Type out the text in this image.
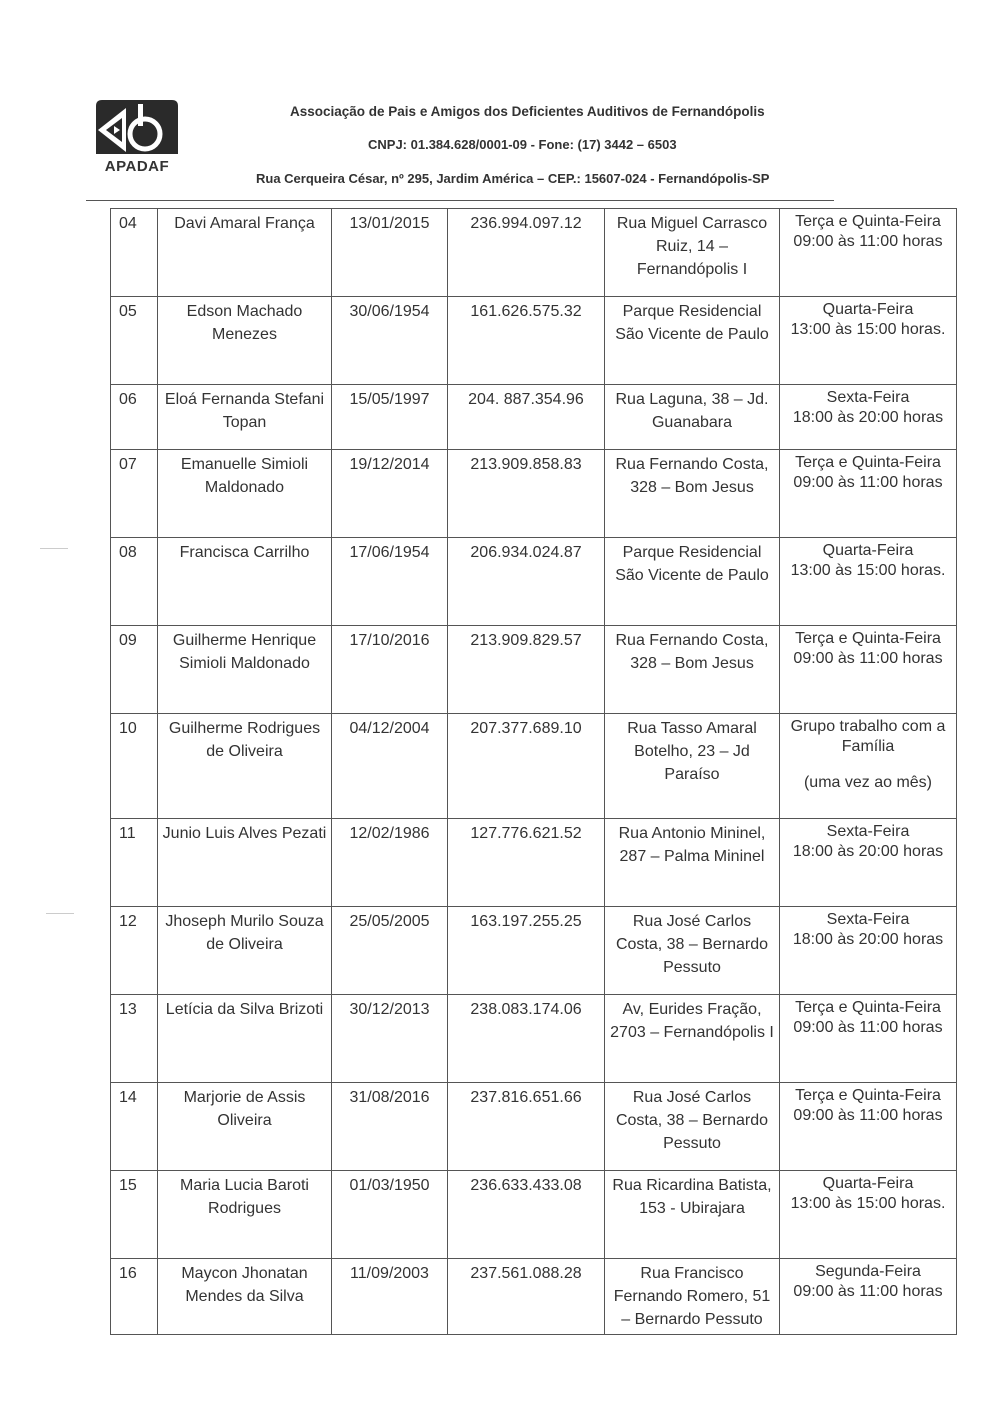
APADAF
Associação de Pais e Amigos dos Deficientes Auditivos de Fernandópolis
CNPJ: 01.384.628/0001-09 - Fone: (17) 3442 – 6503
Rua Cerqueira César, nº 295, Jardim América – CEP.: 15607-024 - Fernandópolis-SP
04	Davi Amaral França	13/01/2015	236.994.097.12	Rua Miguel Carrasco Ruiz, 14 – Fernandópolis I	Terça e Quinta-Feira
09:00 às 11:00 horas

05	Edson Machado Menezes	30/06/1954	161.626.575.32	Parque Residencial São Vicente de Paulo	Quarta-Feira
13:00 às 15:00 horas.

06	Eloá Fernanda Stefani Topan	15/05/1997	204. 887.354.96	Rua Laguna, 38 – Jd. Guanabara	Sexta-Feira
18:00 às 20:00 horas

07	Emanuelle Simioli Maldonado	19/12/2014	213.909.858.83	Rua Fernando Costa, 328 – Bom Jesus	Terça e Quinta-Feira
09:00 às 11:00 horas

08	Francisca Carrilho	17/06/1954	206.934.024.87	Parque Residencial São Vicente de Paulo	Quarta-Feira
13:00 às 15:00 horas.

09	Guilherme Henrique Simioli Maldonado	17/10/2016	213.909.829.57	Rua Fernando Costa, 328 – Bom Jesus	Terça e Quinta-Feira
09:00 às 11:00 horas

10	Guilherme Rodrigues de Oliveira	04/12/2004	207.377.689.10	Rua Tasso Amaral Botelho, 23 – Jd Paraíso	Grupo trabalho com a Família
(uma vez ao mês)

11	Junio Luis Alves Pezati	12/02/1986	127.776.621.52	Rua Antonio Mininel, 287 – Palma Mininel	Sexta-Feira
18:00 às 20:00 horas

12	Jhoseph Murilo Souza de Oliveira	25/05/2005	163.197.255.25	Rua José Carlos Costa, 38 – Bernardo Pessuto	Sexta-Feira
18:00 às 20:00 horas

13	Letícia da Silva Brizoti	30/12/2013	238.083.174.06	Av, Eurides Fração, 2703 – Fernandópolis I	Terça e Quinta-Feira
09:00 às 11:00 horas

14	Marjorie de Assis Oliveira	31/08/2016	237.816.651.66	Rua José Carlos Costa, 38 – Bernardo Pessuto	Terça e Quinta-Feira
09:00 às 11:00 horas

15	Maria Lucia Baroti Rodrigues	01/03/1950	236.633.433.08	Rua Ricardina Batista, 153 - Ubirajara	Quarta-Feira
13:00 às 15:00 horas.

16	Maycon Jhonatan Mendes da Silva	11/09/2003	237.561.088.28	Rua Francisco Fernando Romero, 51 – Bernardo Pessuto	Segunda-Feira
09:00 às 11:00 horas
